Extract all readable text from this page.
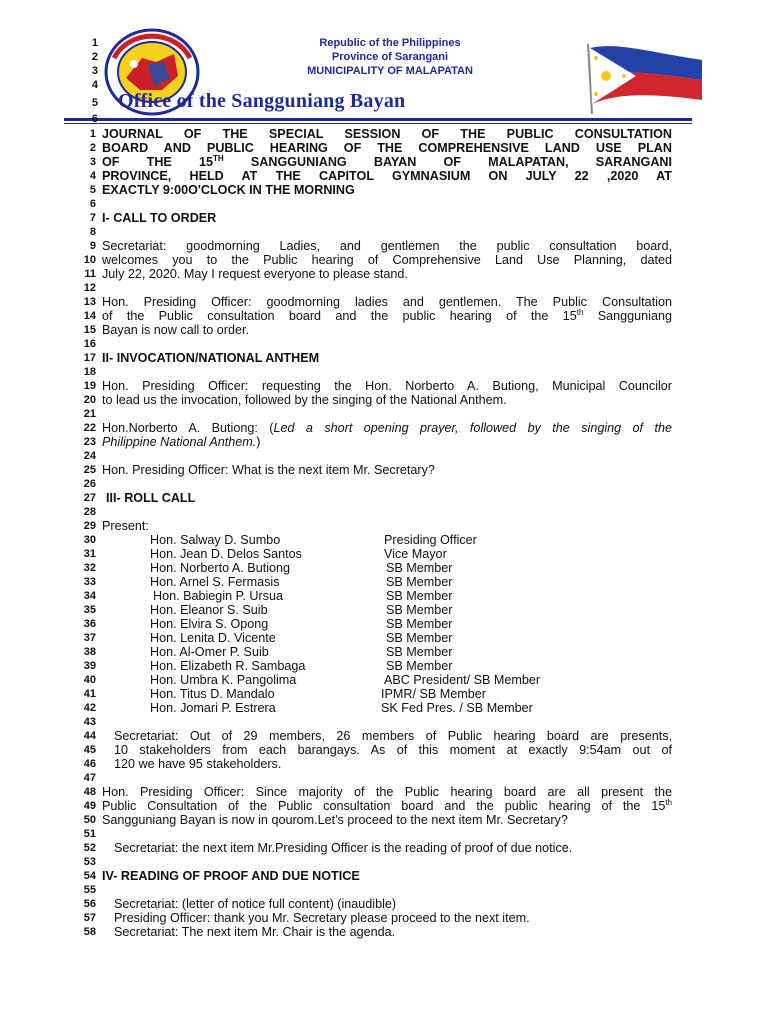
Republic of the Philippines
Province of Sarangani
MUNICIPALITY OF MALAPATAN
Office of the Sangguniang Bayan
1
2
3
4
5
6
1 JOURNAL OF THE SPECIAL SESSION OF THE PUBLIC CONSULTATION
2 BOARD AND PUBLIC HEARING OF THE COMPREHENSIVE LAND USE PLAN
3 OF THE 15TH SANGGUNIANG BAYAN OF MALAPATAN, SARANGANI
4 PROVINCE, HELD AT THE CAPITOL GYMNASIUM ON JULY 22 ,2020 AT
5 EXACTLY 9:00O'CLOCK IN THE MORNING
6
7 I- CALL TO ORDER
8
9 Secretariat: goodmorning Ladies, and gentlemen the public consultation board,
10 welcomes you to the Public hearing of Comprehensive Land Use Planning, dated
11 July 22, 2020. May I request everyone to please stand.
12
13 Hon. Presiding Officer: goodmorning ladies and gentlemen. The Public Consultation
14 of the Public consultation board and the public hearing of the 15th Sangguniang
15 Bayan is now call to order.
16
17 II- INVOCATION/NATIONAL ANTHEM
18
19 Hon. Presiding Officer: requesting the Hon. Norberto A. Butiong, Municipal Councilor
20 to lead us the invocation, followed by the singing of the National Anthem.
21
22 Hon.Norberto A. Butiong: (Led a short opening prayer, followed by the singing of the
23 Philippine National Anthem.)
24
25 Hon. Presiding Officer: What is the next item Mr. Secretary?
26
27 III- ROLL CALL
28
29 Present:
30	Hon. Salway D. Sumbo	Presiding Officer
31	Hon. Jean D. Delos Santos	Vice Mayor
32	Hon. Norberto A. Butiong	SB Member
33	Hon. Arnel S. Fermasis	SB Member
34	Hon. Babiegin P. Ursua	SB Member
35	Hon. Eleanor S. Suib	SB Member
36	Hon. Elvira S. Opong	SB Member
37	Hon. Lenita D. Vicente	SB Member
38	Hon. Al-Omer P. Suib	SB Member
39	Hon. Elizabeth R. Sambaga	SB Member
40	Hon. Umbra K. Pangolima	ABC President/ SB Member
41	Hon. Titus D. Mandalo	IPMR/ SB Member
42	Hon. Jomari P. Estrera	SK Fed Pres. / SB Member
43
44 Secretariat: Out of 29 members, 26 members of Public hearing board are presents,
45 10 stakeholders from each barangays. As of this moment at exactly 9:54am out of
46 120 we have 95 stakeholders.
47
48 Hon. Presiding Officer: Since majority of the Public hearing board are all present the
49 Public Consultation of the Public consultation board and the public hearing of the 15th
50 Sangguniang Bayan is now in qourom.Let's proceed to the next item Mr. Secretary?
51
52 Secretariat: the next item Mr.Presiding Officer is the reading of proof of due notice.
53
54 IV- READING OF PROOF AND DUE NOTICE
55
56 Secretariat: (letter of notice full content) (inaudible)
57 Presiding Officer: thank you Mr. Secretary please proceed to the next item.
58 Secretariat: The next item Mr. Chair is the agenda.
